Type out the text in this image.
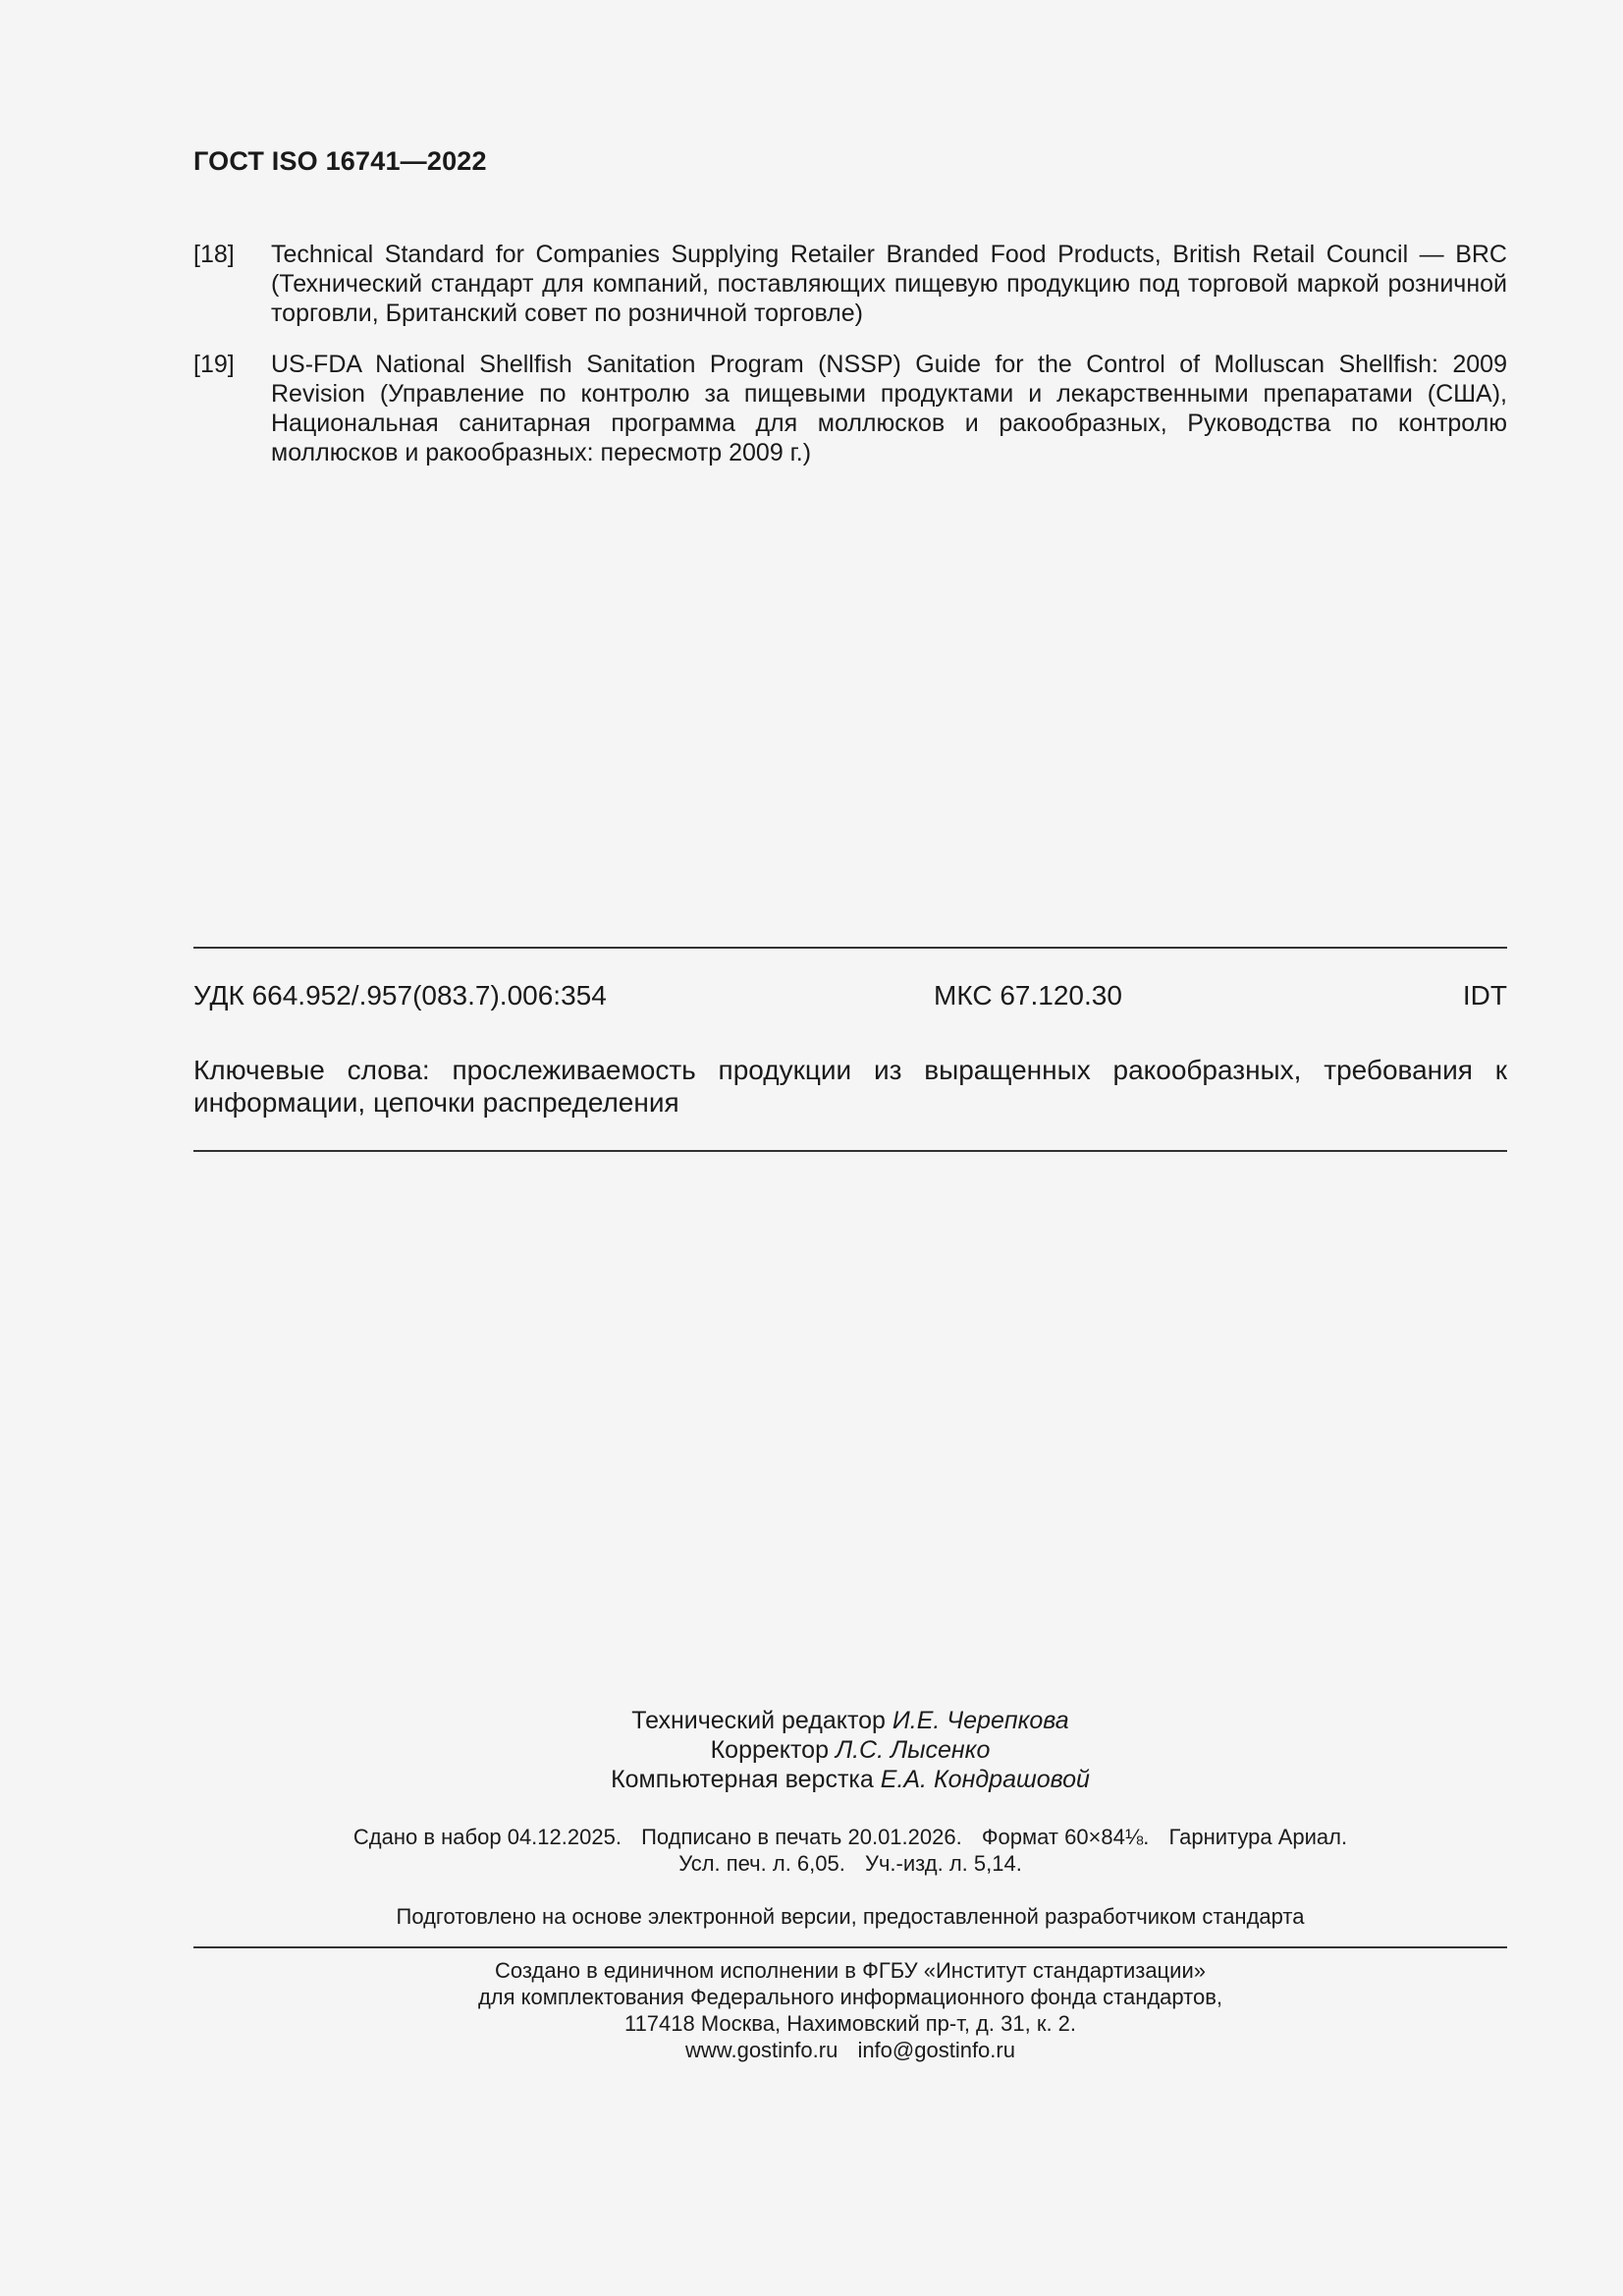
ГОСТ ISO 16741—2022
[18]	Technical Standard for Companies Supplying Retailer Branded Food Products, British Retail Council — BRC (Технический стандарт для компаний, поставляющих пищевую продукцию под торговой маркой розничной торговли, Британский совет по розничной торговле)
[19]	US-FDA National Shellfish Sanitation Program (NSSP) Guide for the Control of Molluscan Shellfish: 2009 Revision (Управление по контролю за пищевыми продуктами и лекарственными препаратами (США), Национальная санитарная программа для моллюсков и ракообразных, Руководства по контролю моллюсков и ракообразных: пересмотр 2009 г.)
УДК 664.952/.957(083.7).006:354	МКС 67.120.30	IDT
Ключевые слова: прослеживаемость продукции из выращенных ракообразных, требования к информации, цепочки распределения
Технический редактор И.Е. Черепкова
Корректор Л.С. Лысенко
Компьютерная верстка Е.А. Кондрашовой
Сдано в набор 04.12.2025. Подписано в печать 20.01.2026. Формат 60×84⅛. Гарнитура Ариал.
Усл. печ. л. 6,05. Уч.-изд. л. 5,14.
Подготовлено на основе электронной версии, предоставленной разработчиком стандарта
Создано в единичном исполнении в ФГБУ «Институт стандартизации»
для комплектования Федерального информационного фонда стандартов,
117418 Москва, Нахимовский пр-т, д. 31, к. 2.
www.gostinfo.ru info@gostinfo.ru
